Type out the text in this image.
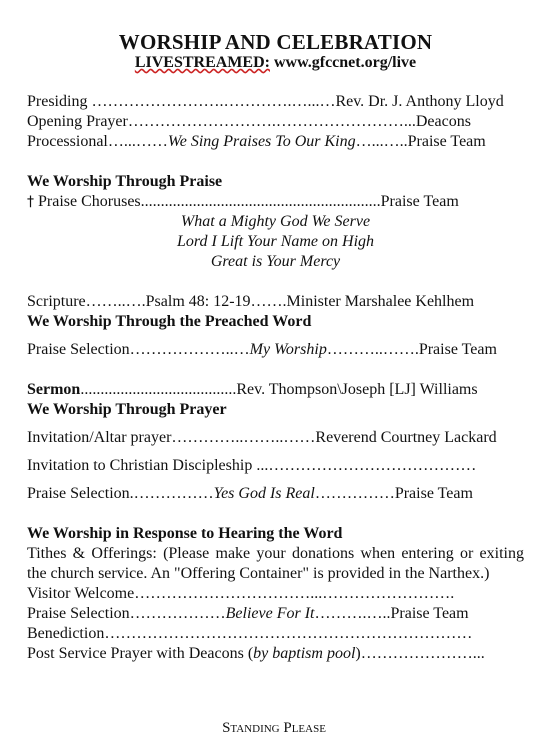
WORSHIP AND CELEBRATION
LIVESTREAMED: www.gfccnet.org/live
Presiding …………………….………….…...…Rev. Dr. J. Anthony Lloyd
Opening Prayer……………………….……………………...Deacons
Processional…...……We Sing Praises To Our King…...…..Praise Team
We Worship Through Praise
† Praise Choruses............................................................Praise Team
What a Mighty God We Serve
Lord I Lift Your Name on High
Great is Your Mercy
Scripture……..….Psalm 48: 12-19…….Minister Marshalee Kehlhem
We Worship Through the Preached Word
Praise Selection………………..…My Worship………..…….Praise Team
Sermon.......................................Rev. Thompson\Joseph [LJ] Williams
We Worship Through Prayer
Invitation/Altar prayer…………..……..……Reverend Courtney Lackard
Invitation to Christian Discipleship ...…………………………………
Praise Selection.……………Yes God Is Real……………Praise Team
We Worship in Response to Hearing the Word
Tithes & Offerings: (Please make your donations when entering or exiting the church service. An "Offering Container" is provided in the Narthex.)
Visitor Welcome……………………………...…………………….
Praise Selection………………Believe For It……….…..Praise Team
Benediction……………………………………………………………
Post Service Prayer with Deacons (by baptism pool)…………………...
Standing Please
